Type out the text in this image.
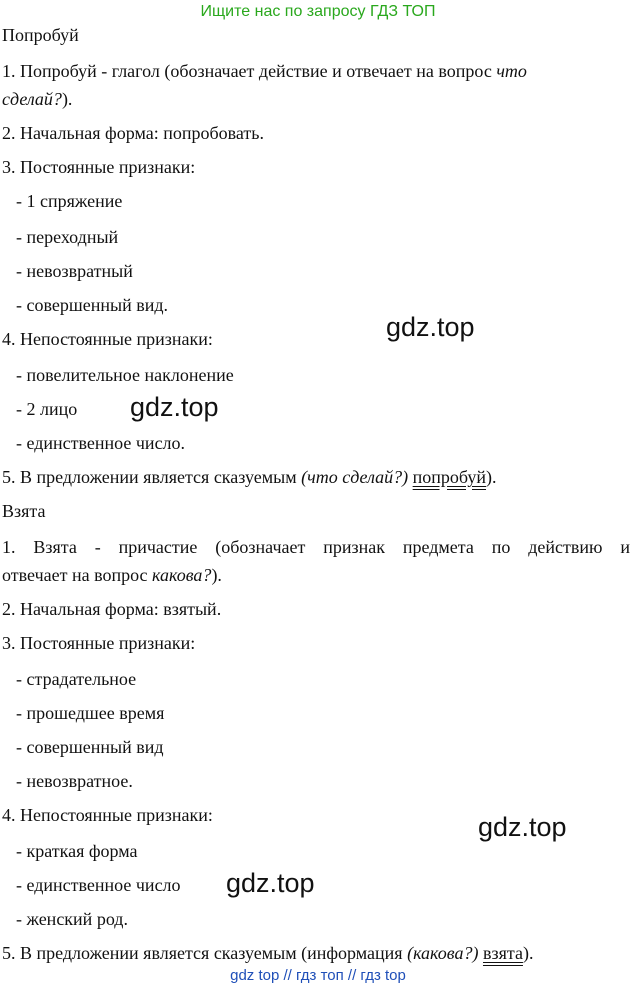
Ищите нас по запросу ГДЗ ТОП

Попробуй

1. Попробуй - глагол (обозначает действие и отвечает на вопрос что

сделай?).

2. Начальная форма: попробовать.

3. Постоянные признаки:

- 1 спряжение

- переходный

- невозвратный

- совершенный вид.

4. Непостоянные признаки:

- повелительное наклонение

- 2 лицо

- единственное число.

5. В предложении является сказуемым (что сделай?) попробуй).

Взята

1. Взята - причастие (обозначает признак предмета по действию и

отвечает на вопрос какова?).

2. Начальная форма: взятый.

3. Постоянные признаки:

- страдательное

- прошедшее время

- совершенный вид

- невозвратное.

4. Непостоянные признаки:

- краткая форма

- единственное число

- женский род.

5. В предложении является сказуемым (информация (какова?) взята).

gdz.top
gdz.top
gdz.top
gdz.top
gdz top // гдз топ // гдз top
